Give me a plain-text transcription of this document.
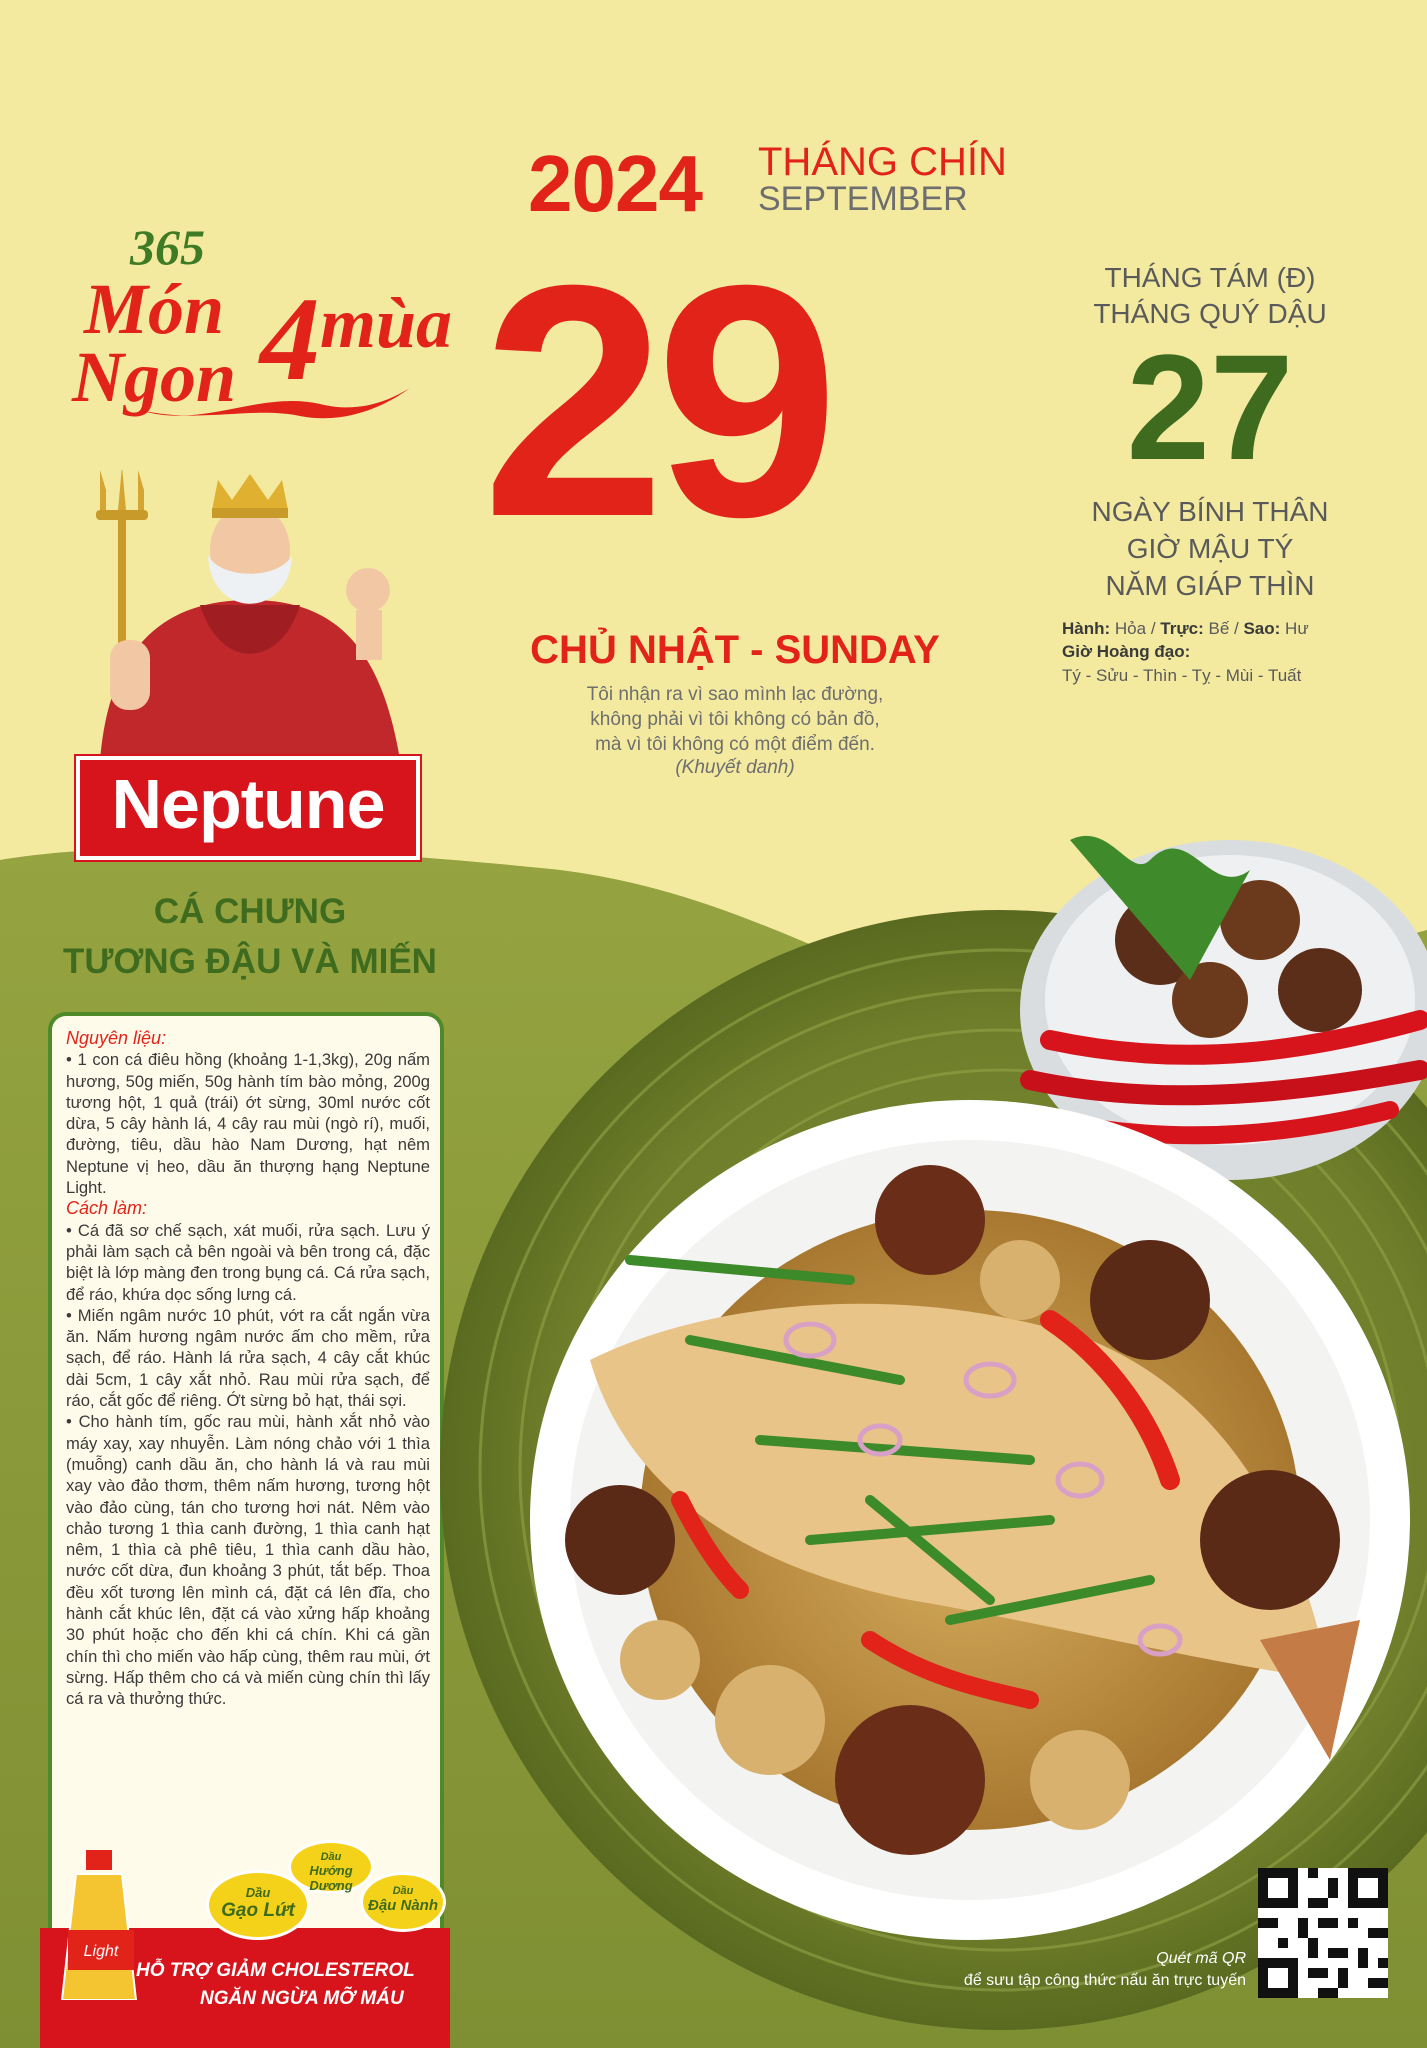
2024 THÁNG CHÍN
SEPTEMBER
29
CHỦ NHẬT - SUNDAY
Tôi nhận ra vì sao mình lạc đường,
không phải vì tôi không có bản đồ,
mà vì tôi không có một điểm đến.
(Khuyết danh)
THÁNG TÁM (Đ)
THÁNG QUÝ DẬU
27
NGÀY BÍNH THÂN
GIỜ MẬU TÝ
NĂM GIÁP THÌN
Hành: Hỏa / Trực: Bế / Sao: Hư
Giờ Hoàng đạo:
Tý - Sửu - Thìn - Tỵ - Mùi - Tuất
365
Món
Ngon 4 mùa
Neptune
CÁ CHƯNG
TƯƠNG ĐẬU VÀ MIẾN
Nguyên liệu:
• 1 con cá điêu hồng (khoảng 1-1,3kg), 20g nấm hương, 50g miến, 50g hành tím bào mỏng, 200g tương hột, 1 quả (trái) ớt sừng, 30ml nước cốt dừa, 5 cây hành lá, 4 cây rau mùi (ngò rí), muối, đường, tiêu, dầu hào Nam Dương, hạt nêm Neptune vị heo, dầu ăn thượng hạng Neptune Light.
Cách làm:
• Cá đã sơ chế sạch, xát muối, rửa sạch. Lưu ý phải làm sạch cả bên ngoài và bên trong cá, đặc biệt là lớp màng đen trong bụng cá. Cá rửa sạch, để ráo, khứa dọc sống lưng cá.
• Miến ngâm nước 10 phút, vớt ra cắt ngắn vừa ăn. Nấm hương ngâm nước ấm cho mềm, rửa sạch, để ráo. Hành lá rửa sạch, 4 cây cắt khúc dài 5cm, 1 cây xắt nhỏ. Rau mùi rửa sạch, để ráo, cắt gốc để riêng. Ớt sừng bỏ hạt, thái sợi.
• Cho hành tím, gốc rau mùi, hành xắt nhỏ vào máy xay, xay nhuyễn. Làm nóng chảo với 1 thìa (muỗng) canh dầu ăn, cho hành lá và rau mùi xay vào đảo thơm, thêm nấm hương, tương hột vào đảo cùng, tán cho tương hơi nát. Nêm vào chảo tương 1 thìa canh đường, 1 thìa canh hạt nêm, 1 thìa cà phê tiêu, 1 thìa canh dầu hào, nước cốt dừa, đun khoảng 3 phút, tắt bếp. Thoa đều xốt tương lên mình cá, đặt cá lên đĩa, cho hành cắt khúc lên, đặt cá vào xửng hấp khoảng 30 phút hoặc cho đến khi cá chín. Khi cá gần chín thì cho miến vào hấp cùng, thêm rau mùi, ớt sừng. Hấp thêm cho cá và miến cùng chín thì lấy cá ra và thưởng thức.
Light
Dầu
Gạo Lứt
Dầu
Hướng Dương	Dầu
Đậu Nành
HỖ TRỢ GIẢM CHOLESTEROL
NGĂN NGỪA MỠ MÁU
Quét mã QR
để sưu tập công thức nấu ăn trực tuyến
